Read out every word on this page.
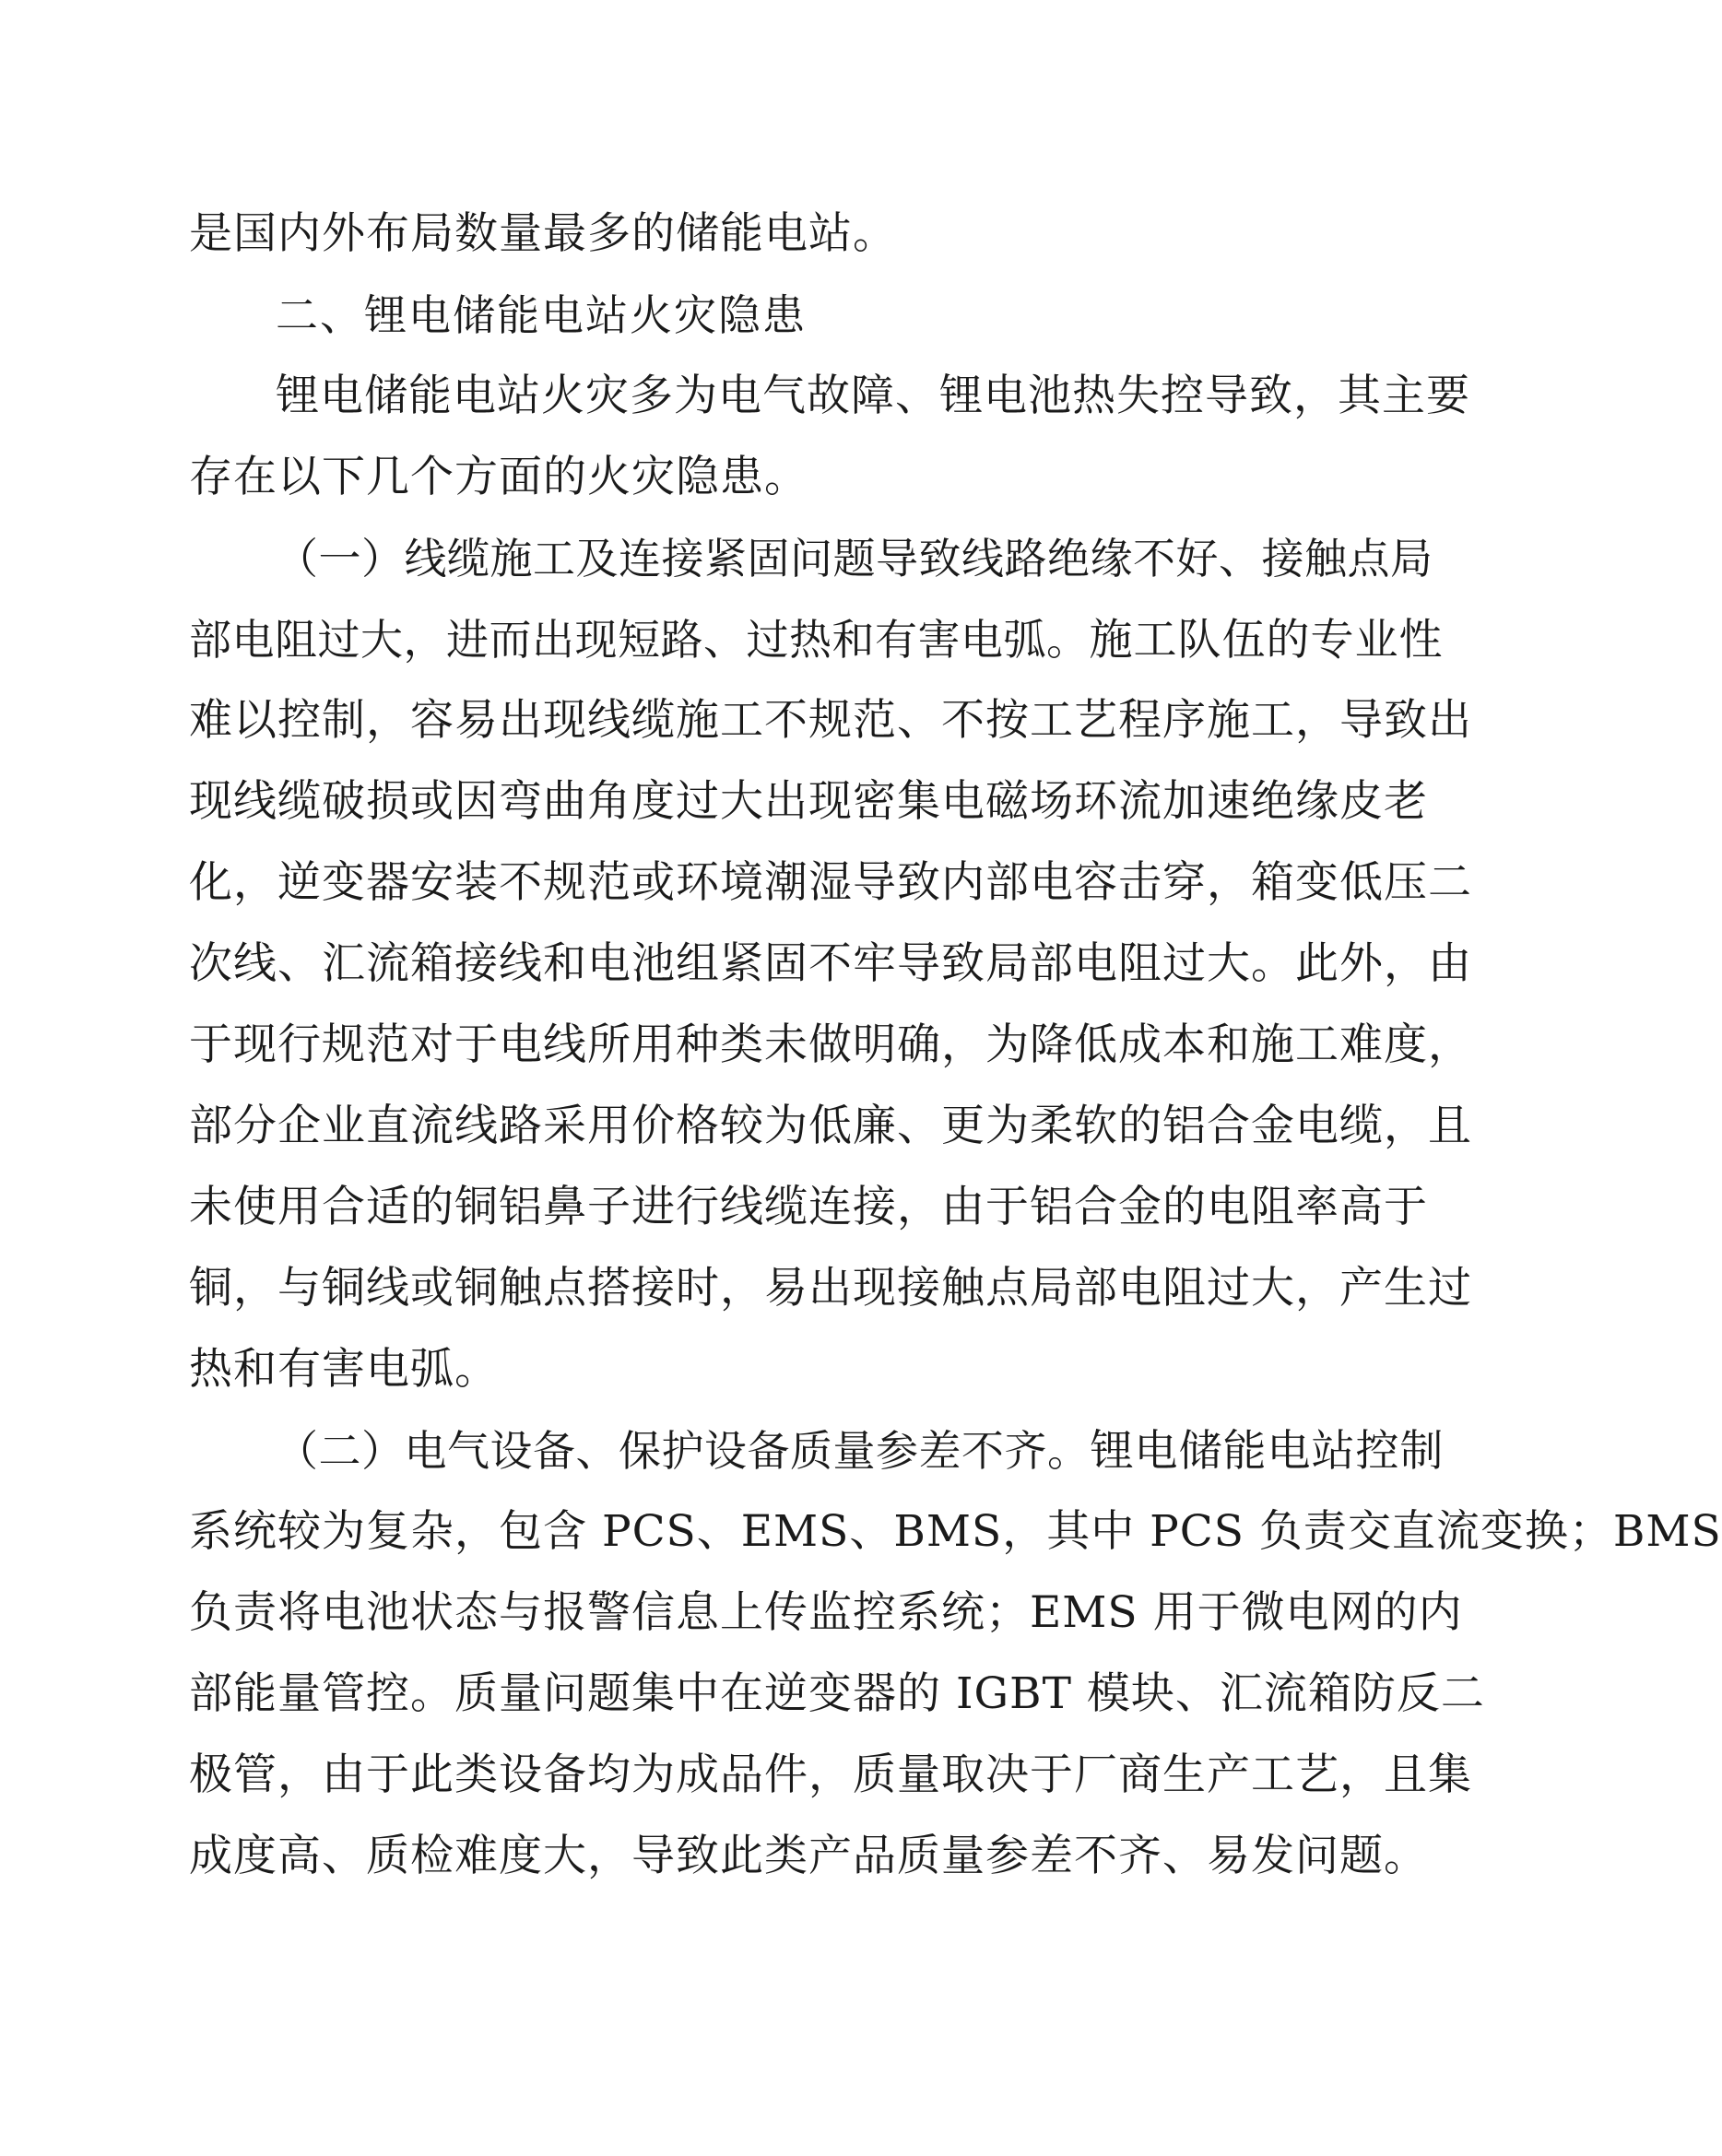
是国内外布局数量最多的储能电站。
二、锂电储能电站火灾隐患
锂电储能电站火灾多为电气故障、锂电池热失控导致，其主要
存在以下几个方面的火灾隐患。
（一）线缆施工及连接紧固问题导致线路绝缘不好、接触点局
部电阻过大，进而出现短路、过热和有害电弧。施工队伍的专业性
难以控制，容易出现线缆施工不规范、不按工艺程序施工，导致出
现线缆破损或因弯曲角度过大出现密集电磁场环流加速绝缘皮老
化，逆变器安装不规范或环境潮湿导致内部电容击穿，箱变低压二
次线、汇流箱接线和电池组紧固不牢导致局部电阻过大。此外，由
于现行规范对于电线所用种类未做明确，为降低成本和施工难度，
部分企业直流线路采用价格较为低廉、更为柔软的铝合金电缆，且
未使用合适的铜铝鼻子进行线缆连接，由于铝合金的电阻率高于
铜，与铜线或铜触点搭接时，易出现接触点局部电阻过大，产生过
热和有害电弧。
（二）电气设备、保护设备质量参差不齐。锂电储能电站控制
系统较为复杂，包含 PCS、EMS、BMS，其中 PCS 负责交直流变换；BMS
负责将电池状态与报警信息上传监控系统；EMS 用于微电网的内
部能量管控。质量问题集中在逆变器的 IGBT 模块、汇流箱防反二
极管，由于此类设备均为成品件，质量取决于厂商生产工艺，且集
成度高、质检难度大，导致此类产品质量参差不齐、易发问题。
